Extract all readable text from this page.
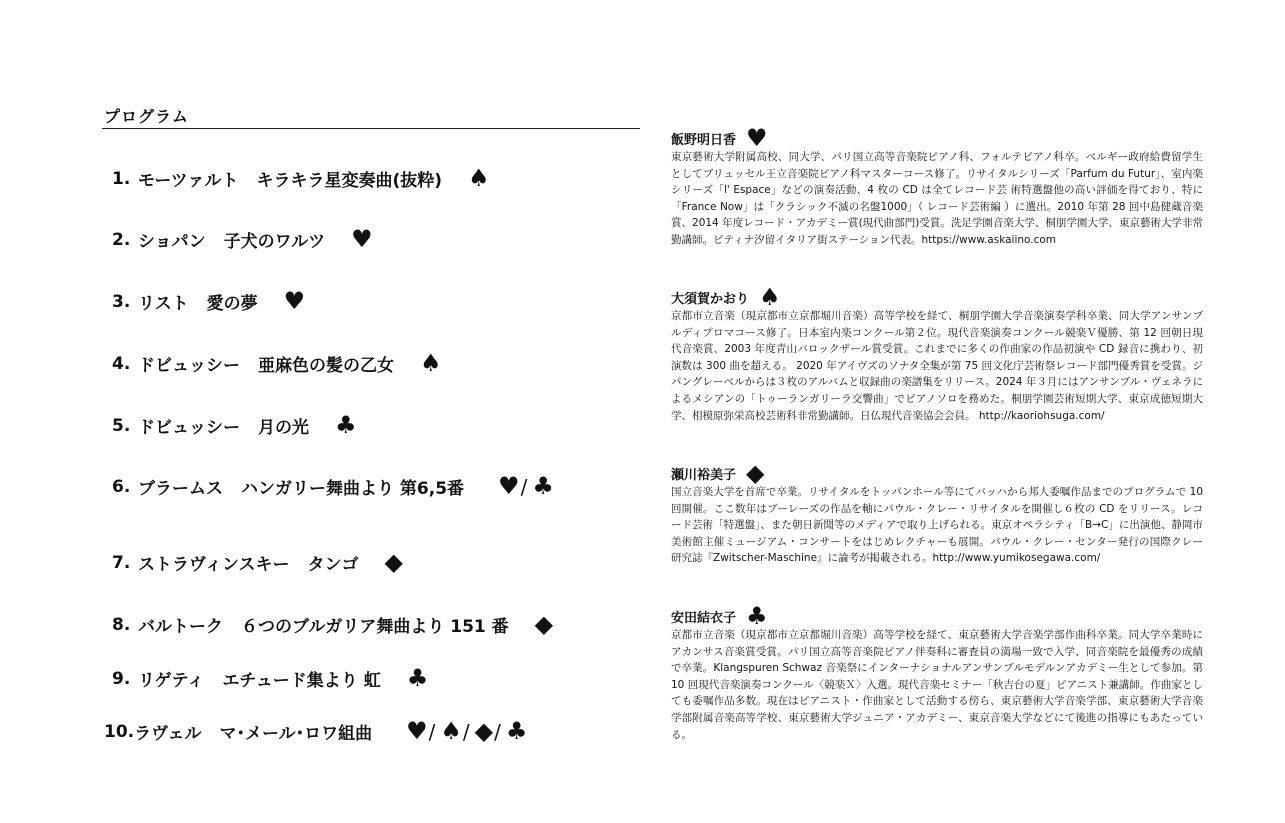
プログラム
1. モーツァルト キラキラ星変奏曲(抜粋) ♠
2. ショパン 子犬のワルツ ♥
3. リスト 愛の夢 ♥
4. ドビュッシー 亜麻色の髪の乙女 ♠
5. ドビュッシー 月の光 ♣
6. ブラームス ハンガリー舞曲より 第6,5番 ♥/ ♣
7. ストラヴィンスキー タンゴ ◆
8. バルトーク ６つのブルガリア舞曲より 151 番 ◆
9. リゲティ エチュード集より 虹 ♣
10. ラヴェル マ･メール･ロワ組曲 ♥/ ♠/ ◆/ ♣
飯野明日香 ♥
東京藝術大学附属高校、同大学、パリ国立高等音楽院ピアノ科、フォルテピアノ科卒。ベルギー政府給費留学生としてブリュッセル王立音楽院ピアノ科マスターコース修了。リサイタルシリーズ「Parfum du Futur」、室内楽シリーズ「l' Espace」などの演奏活動、4 枚の CD は全てレコード芸 術特選盤他の高い評価を得ており、特に「France Now」は「クラシック不滅の名盤1000」（ レコード芸術編 ）に選出。2010 年第 28 回中島健蔵音楽賞、2014 年度レコード・アカデミー賞(現代曲部門)受賞。洗足学園音楽大学、桐朋学園大学、東京藝術大学非常勤講師。ピティナ汐留イタリア街ステーション代表。https://www.askaiino.com
大須賀かおり ♠
京都市立音楽（現京都市立京都堀川音楽）高等学校を経て、桐朋学園大学音楽演奏学科卒業、同大学アンサンブルディプロマコース修了。日本室内楽コンクール第２位。現代音楽演奏コンクール競楽Ｖ優勝、第 12 回朝日現代音楽賞、2003 年度青山バロックザール賞受賞。これまでに多くの作曲家の作品初演や CD 録音に携わり、初演数は 300 曲を超える。 2020 年アイヴズのソナタ全集が第 75 回文化庁芸術祭レコード部門優秀賞を受賞。ジパングレーベルからは３枚のアルバムと収録曲の楽譜集をリリース。2024 年３月にはアンサンブル・ヴェネラによるメシアンの「トゥーランガリーラ交響曲」でピアノソロを務めた。桐朋学園芸術短期大学、東京成徳短期大学、相模原弥栄高校芸術科非常勤講師。日仏現代音楽協会会員。 http://kaoriohsuga.com/
瀬川裕美子 ◆
国立音楽大学を首席で卒業。リサイタルをトッパンホール等にてバッハから邦人委嘱作品までのプログラムで 10 回開催。ここ数年はブーレーズの作品を軸にパウル・クレー・リサイタルを開催し６枚の CD をリリース。レコード芸術「特選盤」、また朝日新聞等のメディアで取り上げられる。東京オペラシティ「B→C」に出演他、静岡市美術館主催ミュージアム・コンサートをはじめレクチャーも展開。パウル・クレー・センター発行の国際クレー研究誌『Zwitscher-Maschine』に論考が掲載される。http://www.yumikosegawa.com/
安田結衣子 ♣
京都市立音楽（現京都市立京都堀川音楽）高等学校を経て、東京藝術大学音楽学部作曲科卒業。同大学卒業時にアカンサス音楽賞受賞。パリ国立高等音楽院ピアノ伴奏科に審査員の満場一致で入学、同音楽院を最優秀の成績で卒業。Klangspuren Schwaz 音楽祭にインターナショナルアンサンブルモデルンアカデミー生として参加。第 10 回現代音楽演奏コンクール〈競楽Ｘ〉入選。現代音楽セミナー「秋吉台の夏」ピアニスト兼講師。作曲家としても委嘱作品多数。現在はピアニスト・作曲家として活動する傍ら、東京藝術大学音楽学部、東京藝術大学音楽学部附属音楽高等学校、東京藝術大学ジュニア・アカデミー、東京音楽大学などにて後進の指導にもあたっている。
